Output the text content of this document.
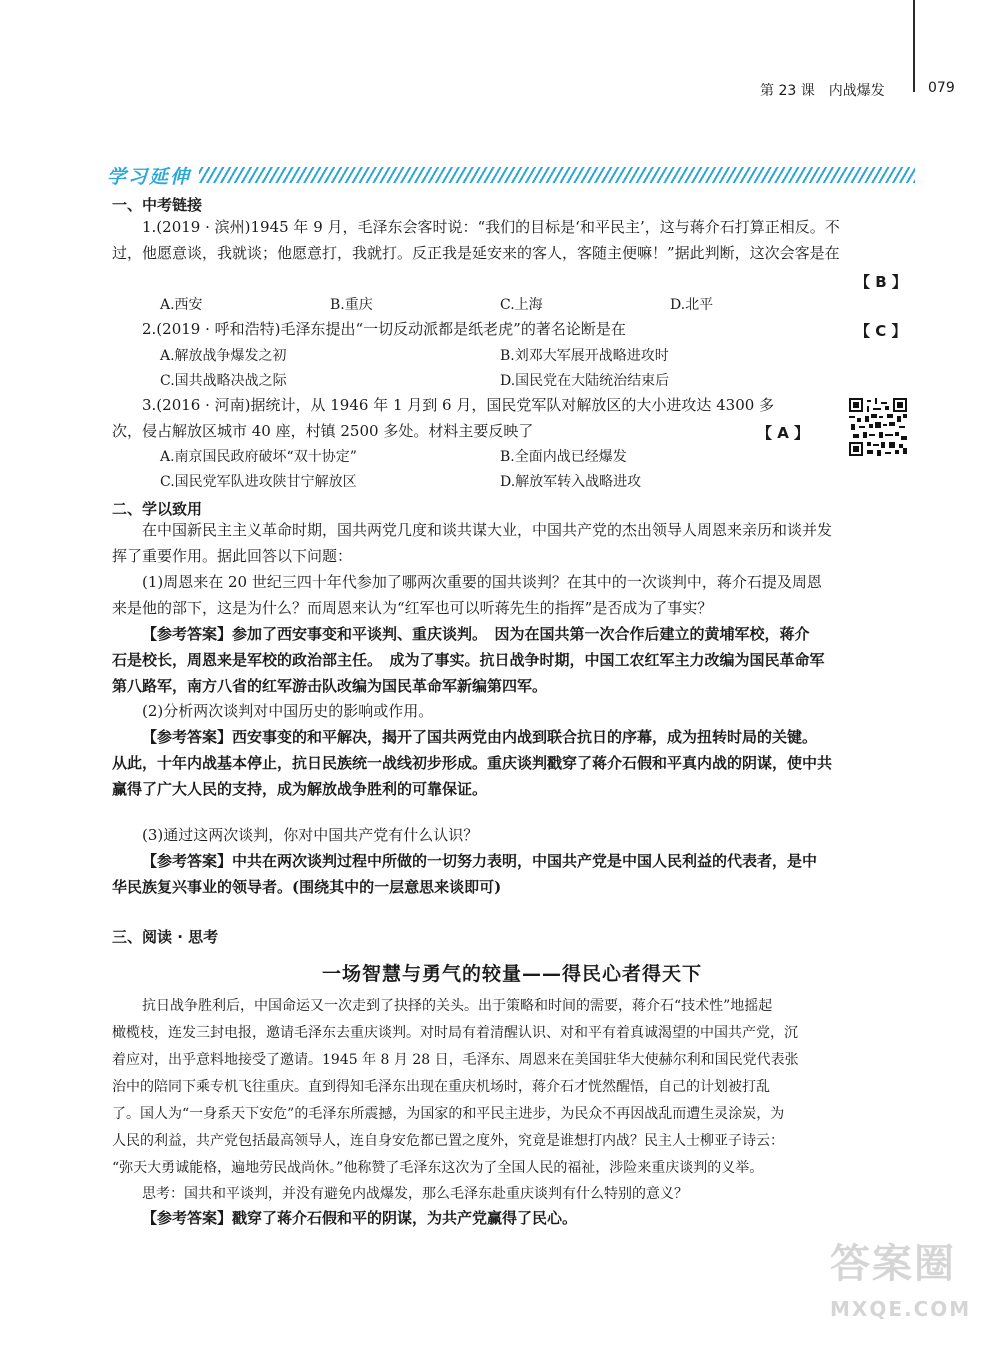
第 23 课　内战爆发	079
学习延伸
一、中考链接
1.(2019 · 滨州)1945 年 9 月，毛泽东会客时说：“我们的目标是‘和平民主’，这与蒋介石打算正相反。不
过，他愿意谈，我就谈；他愿意打，我就打。反正我是延安来的客人，客随主便嘛！”据此判断，这次会客是在
【 B 】
A.西安	B.重庆	C.上海	D.北平
2.(2019 · 呼和浩特)毛泽东提出“一切反动派都是纸老虎”的著名论断是在	【 C 】
A.解放战争爆发之初	B.刘邓大军展开战略进攻时
C.国共战略决战之际	D.国民党在大陆统治结束后
3.(2016 · 河南)据统计，从 1946 年 1 月到 6 月，国民党军队对解放区的大小进攻达 4300 多
次，侵占解放区城市 40 座，村镇 2500 多处。材料主要反映了	【 A 】
A.南京国民政府破坏“双十协定”	B.全面内战已经爆发
C.国民党军队进攻陕甘宁解放区	D.解放军转入战略进攻
二、学以致用
在中国新民主主义革命时期，国共两党几度和谈共谋大业，中国共产党的杰出领导人周恩来亲历和谈并发
挥了重要作用。据此回答以下问题：
(1)周恩来在 20 世纪三四十年代参加了哪两次重要的国共谈判？在其中的一次谈判中，蒋介石提及周恩
来是他的部下，这是为什么？而周恩来认为“红军也可以听蒋先生的指挥”是否成为了事实？
【参考答案】参加了西安事变和平谈判、重庆谈判。　因为在国共第一次合作后建立的黄埔军校，蒋介
石是校长，周恩来是军校的政治部主任。　成为了事实。抗日战争时期，中国工农红军主力改编为国民革命军
第八路军，南方八省的红军游击队改编为国民革命军新编第四军。
(2)分析两次谈判对中国历史的影响或作用。
【参考答案】西安事变的和平解决，揭开了国共两党由内战到联合抗日的序幕，成为扭转时局的关键。
从此，十年内战基本停止，抗日民族统一战线初步形成。重庆谈判戳穿了蒋介石假和平真内战的阴谋，使中共
赢得了广大人民的支持，成为解放战争胜利的可靠保证。
(3)通过这两次谈判，你对中国共产党有什么认识？
【参考答案】中共在两次谈判过程中所做的一切努力表明，中国共产党是中国人民利益的代表者，是中
华民族复兴事业的领导者。(围绕其中的一层意思来谈即可)
三、阅读 · 思考
一场智慧与勇气的较量——得民心者得天下
抗日战争胜利后，中国命运又一次走到了抉择的关头。出于策略和时间的需要，蒋介石“技术性”地摇起
橄榄枝，连发三封电报，邀请毛泽东去重庆谈判。对时局有着清醒认识、对和平有着真诚渴望的中国共产党，沉
着应对，出乎意料地接受了邀请。1945 年 8 月 28 日，毛泽东、周恩来在美国驻华大使赫尔利和国民党代表张
治中的陪同下乘专机飞往重庆。直到得知毛泽东出现在重庆机场时，蒋介石才恍然醒悟，自己的计划被打乱
了。国人为“一身系天下安危”的毛泽东所震撼，为国家的和平民主进步，为民众不再因战乱而遭生灵涂炭，为
人民的利益，共产党包括最高领导人，连自身安危都已置之度外，究竟是谁想打内战？民主人士柳亚子诗云：
“弥天大勇诚能格，遍地劳民战尚休。”他称赞了毛泽东这次为了全国人民的福祉，涉险来重庆谈判的义举。
思考：国共和平谈判，并没有避免内战爆发，那么毛泽东赴重庆谈判有什么特别的意义？
【参考答案】戳穿了蒋介石假和平的阴谋，为共产党赢得了民心。
答案圈
MXQE.COM
